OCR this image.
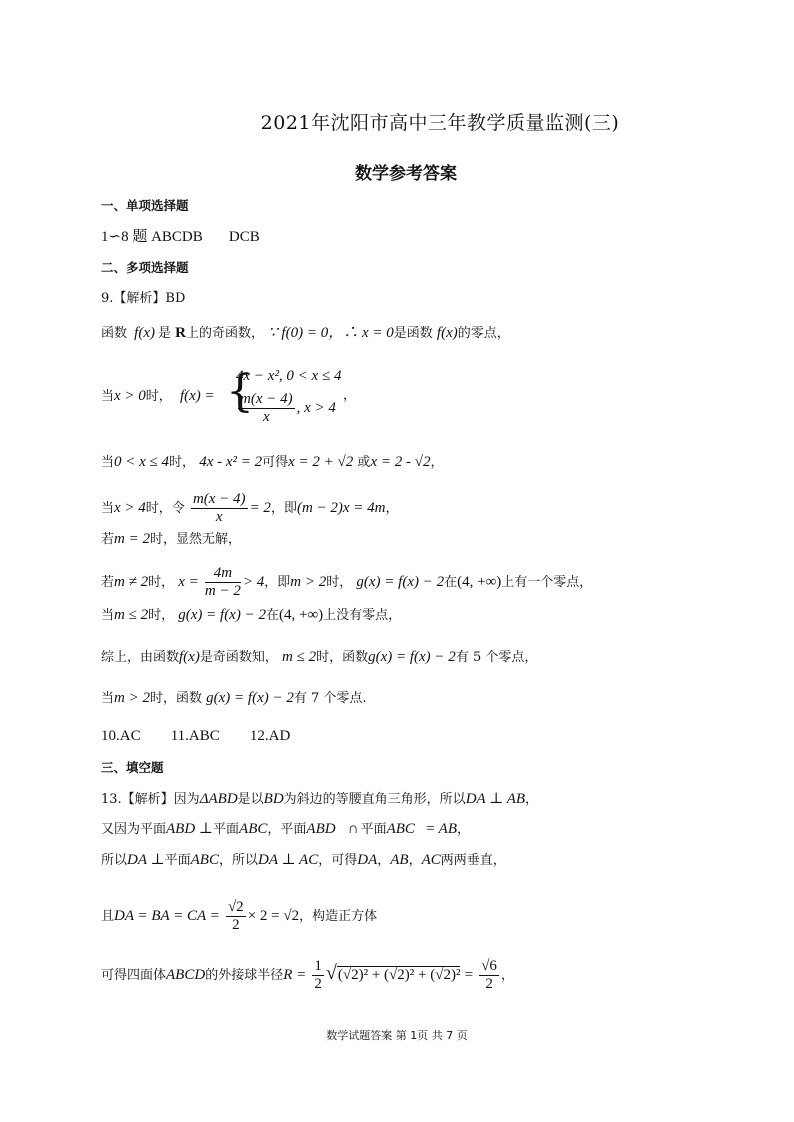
2021年沈阳市高中三年教学质量监测(三)
数学参考答案
一、单项选择题
1∽8 题 ABCDB DCB
二、多项选择题
9.【解析】BD
函数 f(x) 是 R上的奇函数， ∵ f(0) = 0，∴ x = 0是函数 f(x)的零点，
当x > 0时， f(x) = {
4x − x², 0 < x ≤ 4
$\frac{m(x - 4)}{x}$ , x > 4
，
当0 < x ≤ 4时， 4x - x² = 2可得x = 2 + √2 或x = 2 - √2，
当x > 4时，令 $\frac{m(x - 4)}{x} = 2$，即(m − 2)x = 4m，
若m = 2时，显然无解，
若m ≠ 2时， $x = \frac{4m}{m - 2} > 4$，即m > 2时， g(x) = f(x) − 2在(4, +∞)上有一个零点，
当m ≤ 2时， g(x) = f(x) − 2在(4, +∞)上没有零点，
综上，由函数f(x)是奇函数知， m ≤ 2时，函数g(x) = f(x) − 2有 5 个零点，
当m > 2时，函数 g(x) = f(x) − 2有 7 个零点.
10.AC 11.ABC 12.AD
三、填空题
13.【解析】因为ΔABD是以BD为斜边的等腰直角三角形，所以DA ⊥ AB，
又因为平面ABD ⊥平面ABC，平面ABD ∩ 平面ABC = AB，
所以DA ⊥平面ABC，所以DA ⊥ AC，可得DA，AB，AC两两垂直，
且DA = BA = CA = $\frac{√2}{2} \times 2 = √2$，构造正方体
可得四面体ABCD的外接球半径$R = \frac{1}{2} √(√2)^2 + (√2)^2 + (√2)^2 = \frac{√6}{2}$ ，
数学试题答案 第 1页 共 7 页
